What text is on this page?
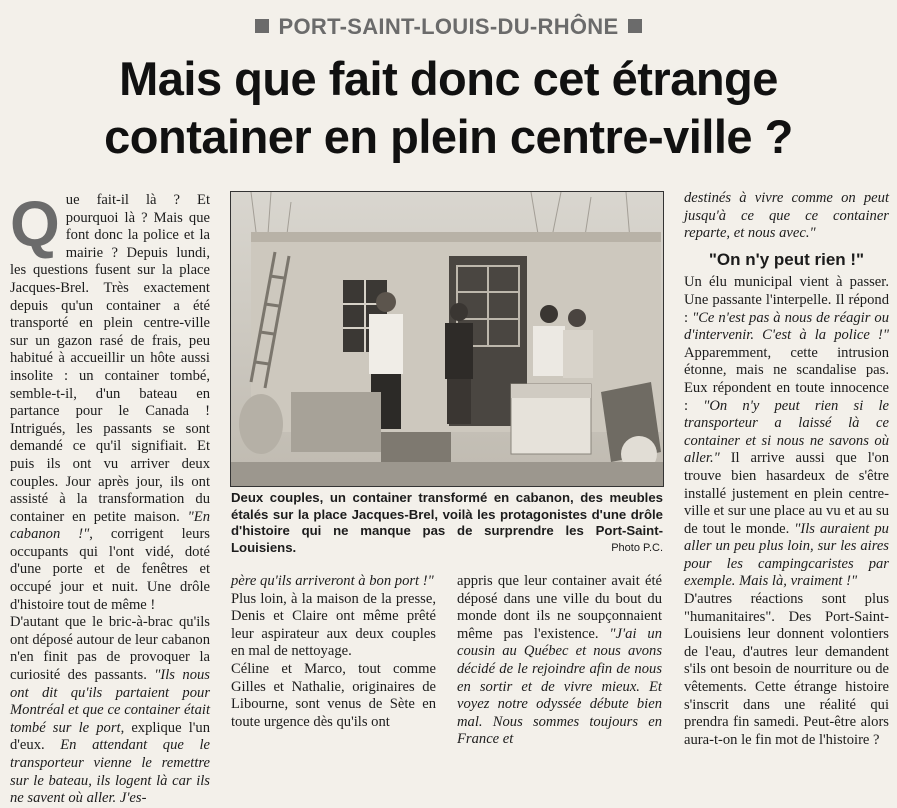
PORT-SAINT-LOUIS-DU-RHÔNE
Mais que fait donc cet étrange
container en plein centre-ville ?

Que fait-il là ? Et pourquoi là ? Mais que font donc la police et la mairie ? Depuis lundi, les questions fusent sur la place Jacques-Brel. Très exactement depuis qu'un container a été transporté en plein centre-ville sur un gazon rasé de frais, peu habitué à accueillir un hôte aussi insolite : un container tombé, semble-t-il, d'un bateau en partance pour le Canada ! Intrigués, les passants se sont demandé ce qu'il signifiait. Et puis ils ont vu arriver deux couples. Jour après jour, ils ont assisté à la transformation du container en petite maison. "En cabanon !", corrigent leurs occupants qui l'ont vidé, doté d'une porte et de fenêtres et occupé jour et nuit. Une drôle d'histoire tout de même !

D'autant que le bric-à-brac qu'ils ont déposé autour de leur cabanon n'en finit pas de provoquer la curiosité des passants. "Ils nous ont dit qu'ils partaient pour Montréal et que ce container était tombé sur le port, explique l'un d'eux. En attendant que le transporteur vienne le remettre sur le bateau, ils logent là car ils ne savent où aller. J'es-

Deux couples, un container transformé en cabanon, des meubles étalés sur la place Jacques-Brel, voilà les protagonistes d'une drôle d'histoire qui ne manque pas de surprendre les Port-Saint-Louisiens.	Photo P.C.

père qu'ils arriveront à bon port !"

Plus loin, à la maison de la presse, Denis et Claire ont même prêté leur aspirateur aux deux couples en mal de nettoyage.

Céline et Marco, tout comme Gilles et Nathalie, originaires de Libourne, sont venus de Sète en toute urgence dès qu'ils ont

appris que leur container avait été déposé dans une ville du bout du monde dont ils ne soupçonnaient même pas l'existence. "J'ai un cousin au Québec et nous avons décidé de le rejoindre afin de nous en sortir et de vivre mieux. Et voyez notre odyssée débute bien mal. Nous sommes toujours en France et

destinés à vivre comme on peut jusqu'à ce que ce container reparte, et nous avec."

"On n'y peut rien !"

Un élu municipal vient à passer. Une passante l'interpelle. Il répond : "Ce n'est pas à nous de réagir ou d'intervenir. C'est à la police !" Apparemment, cette intrusion étonne, mais ne scandalise pas. Eux répondent en toute innocence : "On n'y peut rien si le transporteur a laissé là ce container et si nous ne savons où aller." Il arrive aussi que l'on trouve bien hasardeux de s'être installé justement en plein centre-ville et sur une place au vu et au su de tout le monde. "Ils auraient pu aller un peu plus loin, sur les aires pour les campingcaristes par exemple. Mais là, vraiment !"

D'autres réactions sont plus "humanitaires". Des Port-Saint-Louisiens leur donnent volontiers de l'eau, d'autres leur demandent s'ils ont besoin de nourriture ou de vêtements. Cette étrange histoire s'inscrit dans une réalité qui prendra fin samedi. Peut-être alors aura-t-on le fin mot de l'histoire ?
